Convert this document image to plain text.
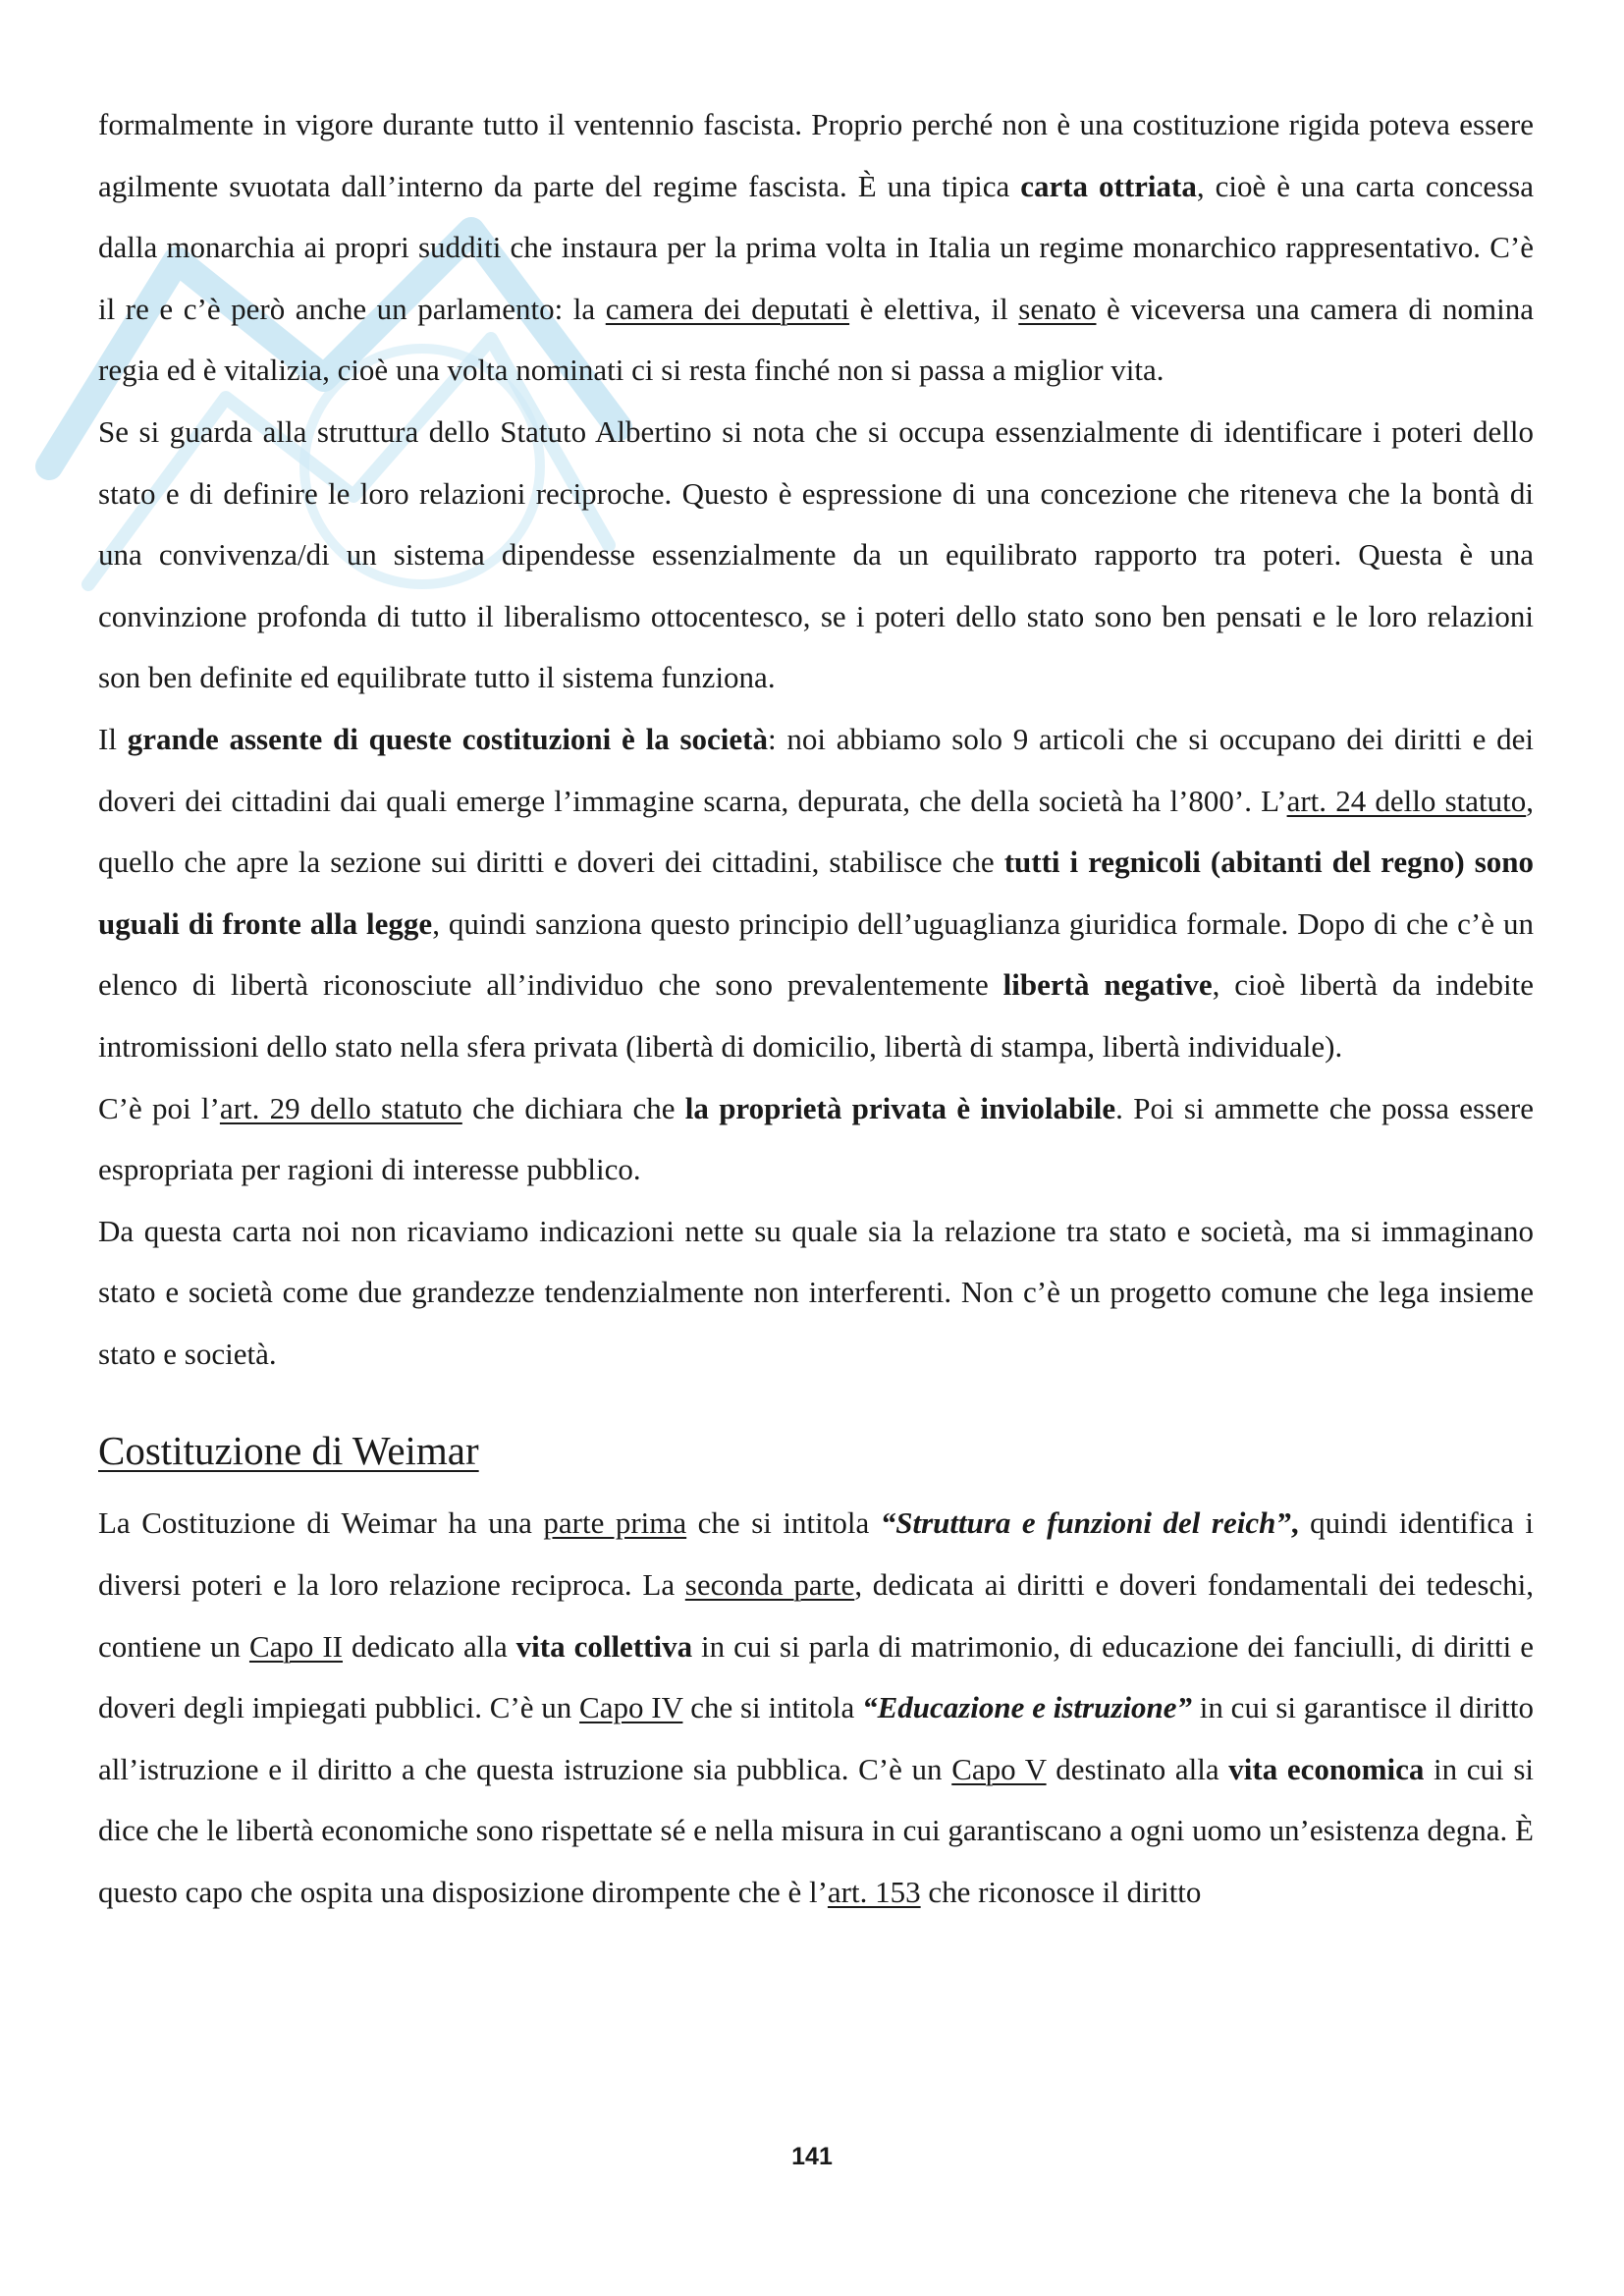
formalmente in vigore durante tutto il ventennio fascista. Proprio perché non è una costituzione rigida poteva essere agilmente svuotata dall’interno da parte del regime fascista. È una tipica carta ottriata, cioè è una carta concessa dalla monarchia ai propri sudditi che instaura per la prima volta in Italia un regime monarchico rappresentativo. C’è il re e c’è però anche un parlamento: la camera dei deputati è elettiva, il senato è viceversa una camera di nomina regia ed è vitalizia, cioè una volta nominati ci si resta finché non si passa a miglior vita.

Se si guarda alla struttura dello Statuto Albertino si nota che si occupa essenzialmente di identificare i poteri dello stato e di definire le loro relazioni reciproche. Questo è espressione di una concezione che riteneva che la bontà di una convivenza/di un sistema dipendesse essenzialmente da un equilibrato rapporto tra poteri. Questa è una convinzione profonda di tutto il liberalismo ottocentesco, se i poteri dello stato sono ben pensati e le loro relazioni son ben definite ed equilibrate tutto il sistema funziona.

Il grande assente di queste costituzioni è la società: noi abbiamo solo 9 articoli che si occupano dei diritti e dei doveri dei cittadini dai quali emerge l’immagine scarna, depurata, che della società ha l’800’. L’art. 24 dello statuto, quello che apre la sezione sui diritti e doveri dei cittadini, stabilisce che tutti i regnicoli (abitanti del regno) sono uguali di fronte alla legge, quindi sanziona questo principio dell’uguaglianza giuridica formale. Dopo di che c’è un elenco di libertà riconosciute all’individuo che sono prevalentemente libertà negative, cioè libertà da indebite intromissioni dello stato nella sfera privata (libertà di domicilio, libertà di stampa, libertà individuale).

C’è poi l’art. 29 dello statuto che dichiara che la proprietà privata è inviolabile. Poi si ammette che possa essere espropriata per ragioni di interesse pubblico.

Da questa carta noi non ricaviamo indicazioni nette su quale sia la relazione tra stato e società, ma si immaginano stato e società come due grandezze tendenzialmente non interferenti. Non c’è un progetto comune che lega insieme stato e società.

Costituzione di Weimar

La Costituzione di Weimar ha una parte prima che si intitola “Struttura e funzioni del reich”, quindi identifica i diversi poteri e la loro relazione reciproca. La seconda parte, dedicata ai diritti e doveri fondamentali dei tedeschi, contiene un Capo II dedicato alla vita collettiva in cui si parla di matrimonio, di educazione dei fanciulli, di diritti e doveri degli impiegati pubblici. C’è un Capo IV che si intitola “Educazione e istruzione” in cui si garantisce il diritto all’istruzione e il diritto a che questa istruzione sia pubblica. C’è un Capo V destinato alla vita economica in cui si dice che le libertà economiche sono rispettate sé e nella misura in cui garantiscano a ogni uomo un’esistenza degna. È questo capo che ospita una disposizione dirompente che è l’art. 153 che riconosce il diritto

141
